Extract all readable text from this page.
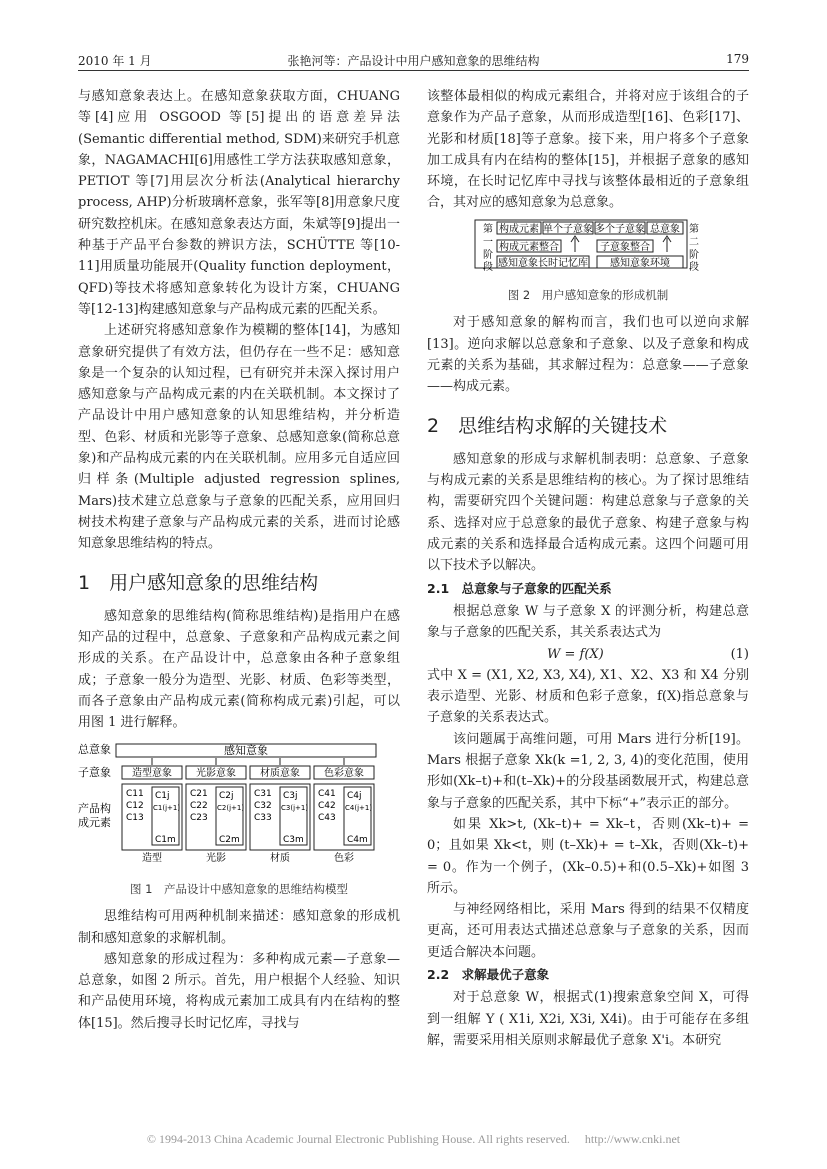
2010 年 1 月	张艳河等：产品设计中用户感知意象的思维结构	179

与感知意象表达上。在感知意象获取方面，CHUANG 等[4]应用 OSGOOD 等[5]提出的语意差异法(Semantic differential method, SDM)来研究手机意象，NAGAMACHI[6]用感性工学方法获取感知意象，PETIOT 等[7]用层次分析法(Analytical hierarchy process, AHP)分析玻璃杯意象，张军等[8]用意象尺度研究数控机床。在感知意象表达方面，朱斌等[9]提出一种基于产品平台参数的辨识方法，SCHÜTTE 等[10-11]用质量功能展开(Quality function deployment，QFD)等技术将感知意象转化为设计方案，CHUANG 等[12-13]构建感知意象与产品构成元素的匹配关系。

上述研究将感知意象作为模糊的整体[14]，为感知意象研究提供了有效方法，但仍存在一些不足：感知意象是一个复杂的认知过程，已有研究并未深入探讨用户感知意象与产品构成元素的内在关联机制。本文探讨了产品设计中用户感知意象的认知思维结构，并分析造型、色彩、材质和光影等子意象、总感知意象(简称总意象)和产品构成元素的内在关联机制。应用多元自适应回归样条(Multiple adjusted regression splines, Mars)技术建立总意象与子意象的匹配关系，应用回归树技术构建子意象与产品构成元素的关系，进而讨论感知意象思维结构的特点。

1　用户感知意象的思维结构

感知意象的思维结构(简称思维结构)是指用户在感知产品的过程中，总意象、子意象和产品构成元素之间形成的关系。在产品设计中，总意象由各种子意象组成；子意象一般分为造型、光影、材质、色彩等类型，而各子意象由产品构成元素(简称构成元素)引起，可以用图 1 进行解释。

总意象	感知意象
子意象
产品构
成元素
造型意象
C11
C12
C13
C1j
C1(j+1)
C1m
造型
光影意象
C21
C22
C23
C2j
C2(j+1)
C2m
光影
材质意象
C31
C32
C33
C3j
C3(j+1)
C3m
材质
色彩意象
C41
C42
C43
C4j
C4(j+1)
C4m
色彩
图 1　产品设计中感知意象的思维结构模型

思维结构可用两种机制来描述：感知意象的形成机制和感知意象的求解机制。

感知意象的形成过程为：多种构成元素—子意象—总意象，如图 2 所示。首先，用户根据个人经验、知识和产品使用环境，将构成元素加工成具有内在结构的整体[15]。然后搜寻长时记忆库，寻找与

该整体最相似的构成元素组合，并将对应于该组合的子意象作为产品子意象，从而形成造型[16]、色彩[17]、光影和材质[18]等子意象。接下来，用户将多个子意象加工成具有内在结构的整体[15]，并根据子意象的感知环境，在长时记忆库中寻找与该整体最相近的子意象组合，其对应的感知意象为总意象。

第
一
阶
段
第
二
阶
段
构成元素 单个子意象 多个子意象 总意象
构成元素整合	子意象整合
感知意象长时记忆库 感知意象环境
图 2　用户感知意象的形成机制

对于感知意象的解构而言，我们也可以逆向求解[13]。逆向求解以总意象和子意象、以及子意象和构成元素的关系为基础，其求解过程为：总意象——子意象——构成元素。

2　思维结构求解的关键技术

感知意象的形成与求解机制表明：总意象、子意象与构成元素的关系是思维结构的核心。为了探讨思维结构，需要研究四个关键问题：构建总意象与子意象的关系、选择对应于总意象的最优子意象、构建子意象与构成元素的关系和选择最合适构成元素。这四个问题可用以下技术予以解决。

2.1　总意象与子意象的匹配关系

根据总意象 W 与子意象 X 的评测分析，构建总意象与子意象的匹配关系，其关系表达式为

W = f(X)	(1)

式中 X = (X1, X2, X3, X4), X1、X2、X3 和 X4 分别表示造型、光影、材质和色彩子意象，f(X)指总意象与子意象的关系表达式。

该问题属于高维问题，可用 Mars 进行分析[19]。Mars 根据子意象 Xk(k =1, 2, 3, 4)的变化范围，使用形如(Xk–t)+和(t–Xk)+的分段基函数展开式，构建总意象与子意象的匹配关系，其中下标“+”表示正的部分。

如果 Xk>t, (Xk–t)+ = Xk–t，否则(Xk–t)+ = 0；且如果 Xk<t，则 (t–Xk)+ = t–Xk，否则(Xk–t)+ = 0。作为一个例子，(Xk–0.5)+和(0.5–Xk)+如图 3 所示。

与神经网络相比，采用 Mars 得到的结果不仅精度更高，还可用表达式描述总意象与子意象的关系，因而更适合解决本问题。

2.2　求解最优子意象

对于总意象 W，根据式(1)搜索意象空间 X，可得到一组解 Y ( X1i, X2i, X3i, X4i)。由于可能存在多组解，需要采用相关原则求解最优子意象 X'i。本研究

© 1994-2013 China Academic Journal Electronic Publishing House. All rights reserved.　 http://www.cnki.net
